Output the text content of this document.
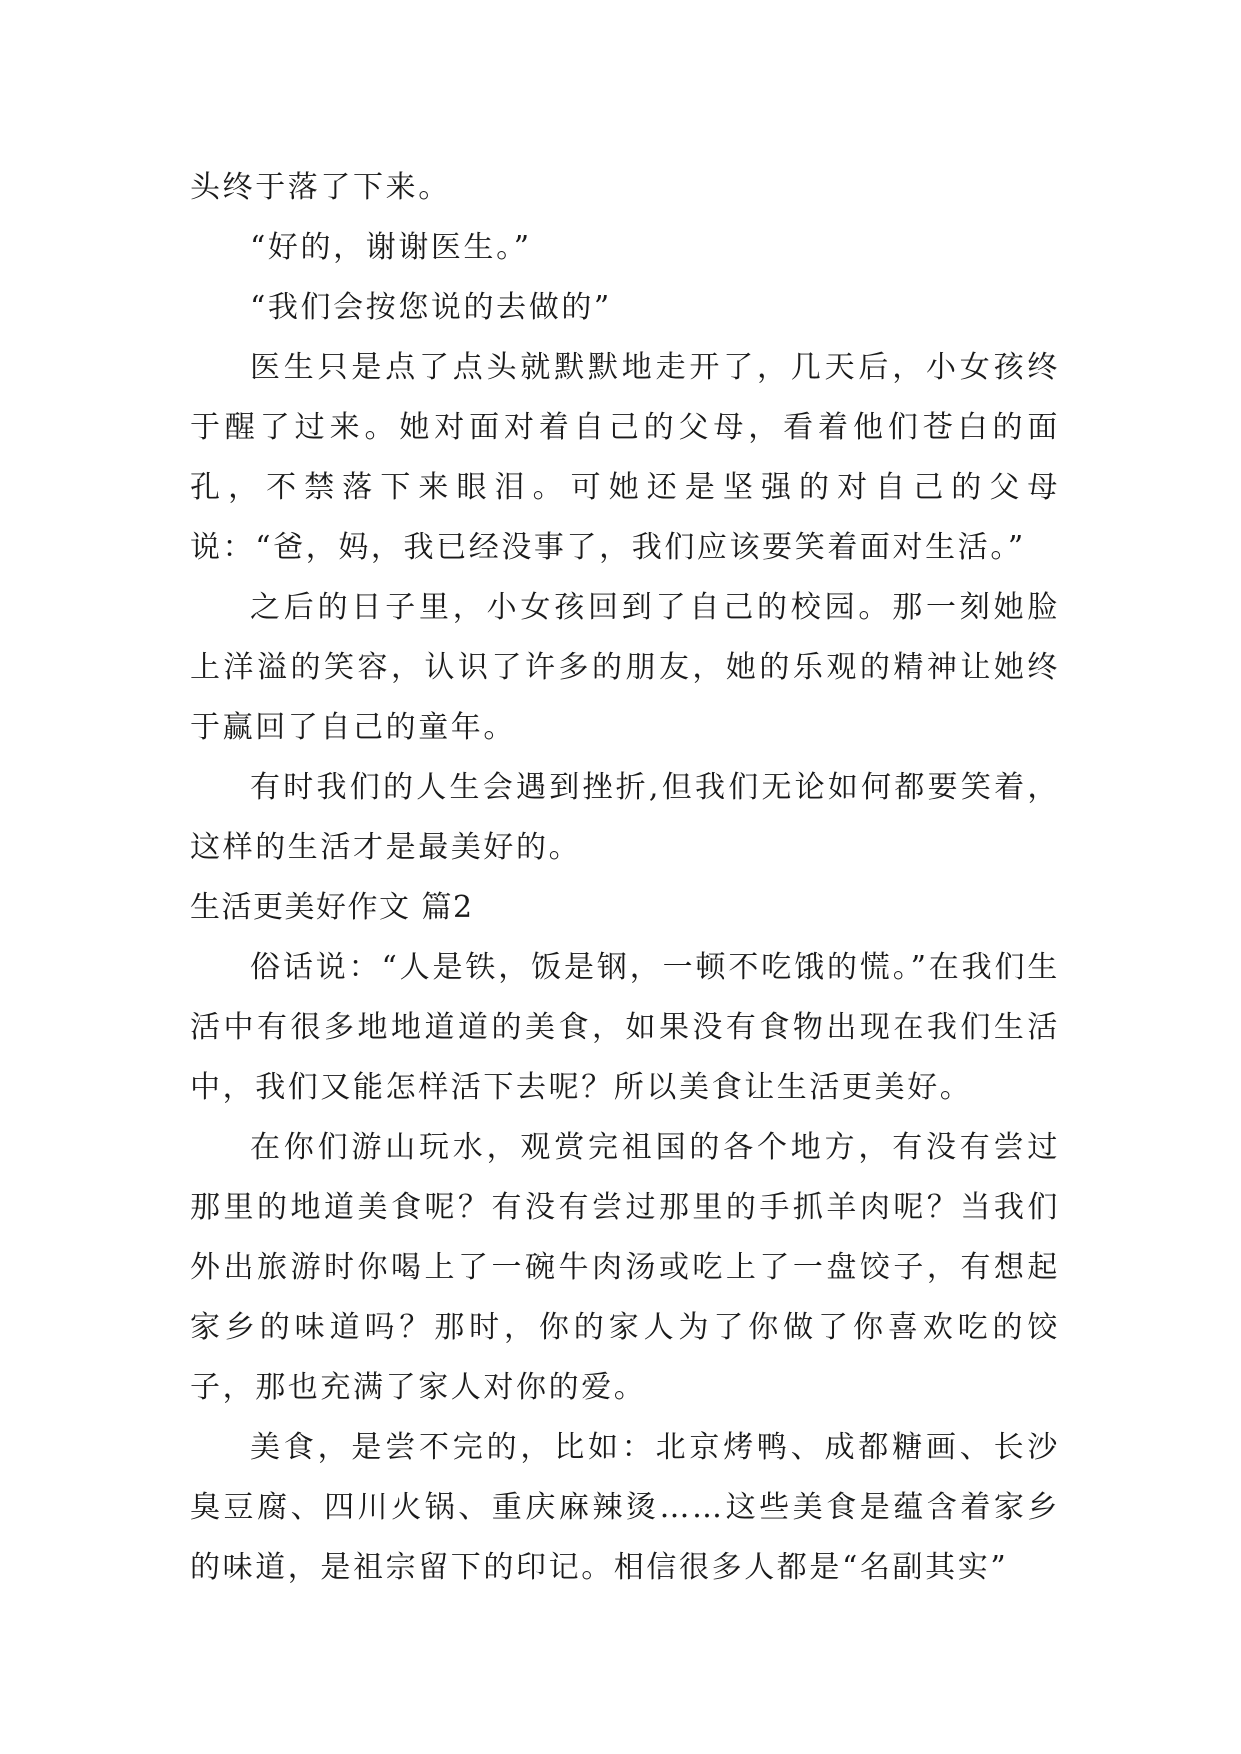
头终于落了下来。

“好的，谢谢医生。”

“我们会按您说的去做的”

医生只是点了点头就默默地走开了，几天后，小女孩终于醒了过来。她对面对着自己的父母，看着他们苍白的面孔，不禁落下来眼泪。可她还是坚强的对自己的父母说：“爸，妈，我已经没事了，我们应该要笑着面对生活。”

之后的日子里，小女孩回到了自己的校园。那一刻她脸上洋溢的笑容，认识了许多的朋友，她的乐观的精神让她终于赢回了自己的童年。

有时我们的人生会遇到挫折,但我们无论如何都要笑着，这样的生活才是最美好的。

生活更美好作文 篇2

俗话说：“人是铁，饭是钢，一顿不吃饿的慌。”在我们生活中有很多地地道道的美食，如果没有食物出现在我们生活中，我们又能怎样活下去呢？所以美食让生活更美好。

在你们游山玩水，观赏完祖国的各个地方，有没有尝过那里的地道美食呢？有没有尝过那里的手抓羊肉呢？当我们外出旅游时你喝上了一碗牛肉汤或吃上了一盘饺子，有想起家乡的味道吗？那时，你的家人为了你做了你喜欢吃的饺子，那也充满了家人对你的爱。

美食，是尝不完的，比如：北京烤鸭、成都糖画、长沙臭豆腐、四川火锅、重庆麻辣烫……这些美食是蕴含着家乡的味道，是祖宗留下的印记。相信很多人都是“名副其实”
